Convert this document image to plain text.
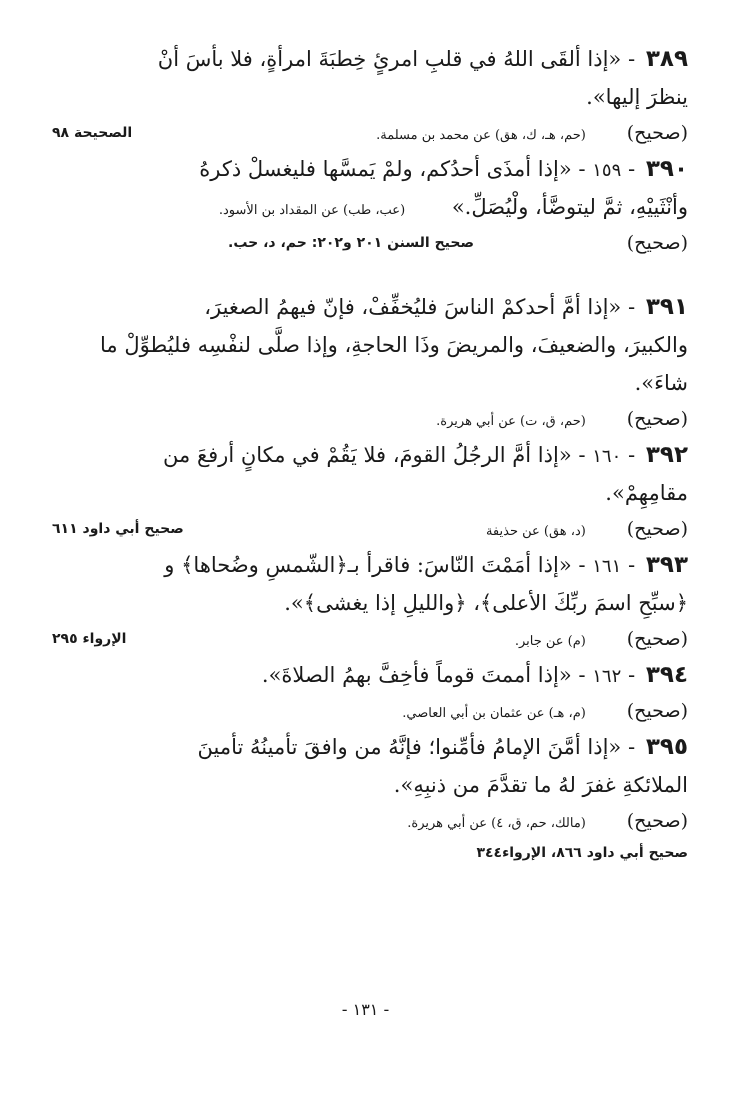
٣٨٩ - «إذا ألقَى اللهُ في قلبِ امرئٍ خِطبَةَ امرأةٍ، فلا بأسَ أنْ
ينظرَ إليها».
(صحيح) (حم، هـ، ك، هق) عن محمد بن مسلمة.
الصحيحة ٩٨
٣٩٠ - ١٥٩ - «إذا أمذَى أحدُكم، ولمْ يَمسَّها فليغسلْ ذكرهُ
وأنْثَييْهِ، ثمَّ ليتوضَّأ، ولْيُصَلِّ.» (عب، طب) عن المقداد بن الأسود.
(صحيح)
صحيح السنن ٢٠١ و٢٠٢: حم، د، حب.
٣٩١ - «إذا أمَّ أحدكمْ الناسَ فليُخفِّفْ، فإنّ فيهمُ الصغيرَ،
والكبيرَ، والضعيفَ، والمريضَ وذَا الحاجةِ، وإذا صلَّى لنفْسِه فليُطوِّلْ ما
شاءَ».
(صحيح) (حم، ق، ت) عن أبي هريرة.
٣٩٢ - ١٦٠ - «إذا أمَّ الرجُلُ القومَ، فلا يَقُمْ في مكانٍ أرفعَ من
مقامِهِمْ».
(صحيح) (د، هق) عن حذيفة
صحيح أبي داود ٦١١
٣٩٣ - ١٦١ - «إذا أمَمْتَ النّاسَ: فاقرأ بـ﴿الشّمسِ وضُحاها﴾ و
﴿سبِّحِ اسمَ ربِّكَ الأعلى﴾، ﴿والليلِ إذا يغشى﴾».
(صحيح) (م) عن جابر.
الإرواء ٢٩٥
٣٩٤ - ١٦٢ - «إذا أممتَ قوماً فأخِفَّ بهمُ الصلاةَ».
(صحيح) (م، هـ) عن عثمان بن أبي العاصي.
٣٩٥ - «إذا أمَّنَ الإمامُ فأمِّنوا؛ فإنَّهُ من وافقَ تأمينُهُ تأمينَ
الملائكةِ غفرَ لهُ ما تقدَّمَ من ذنبِهِ».
(صحيح) (مالك، حم، ق، ٤) عن أبي هريرة.
صحيح أبي داود ٨٦٦، الإرواء٣٤٤
- ١٣١ -
